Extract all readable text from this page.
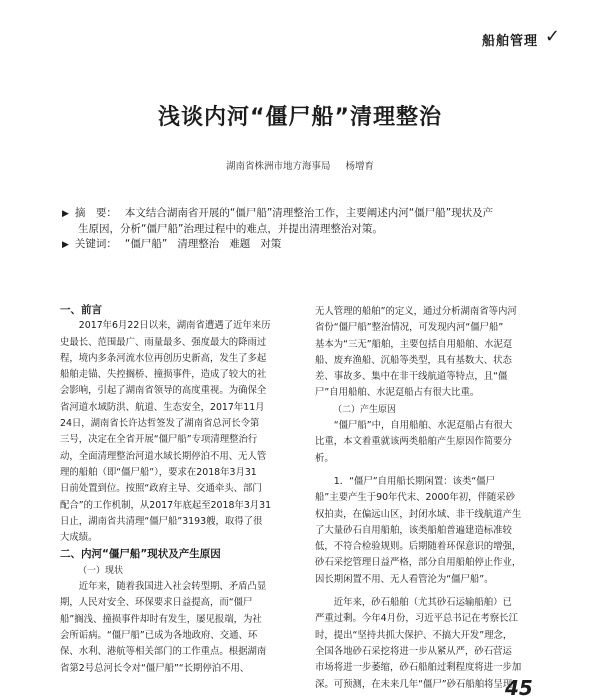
船舶管理 ✓
浅谈内河“僵尸船”清理整治
湖南省株洲市地方海事局 杨增育

▶ 摘　要： 本文结合湖南省开展的“僵尸船”清理整治工作，主要阐述内河“僵尸船”现状及产

生原因，分析“僵尸船”治理过程中的难点，并提出清理整治对策。

▶ 关键词： “僵尸船” 清理整治 难题 对策

一、前言

2017年6月22日以来，湖南省遭遇了近年来历

史最长、范围最广、雨量最多、强度最大的降雨过

程，境内多条河流水位再创历史新高，发生了多起

船舶走锚、失控搁桥、撞损事件，造成了较大的社

会影响，引起了湖南省领导的高度重视。为确保全

省河道水域防洪、航道、生态安全，2017年11月

24日，湖南省长许达哲签发了湖南省总河长令第

三号，决定在全省开展“僵尸船”专项清理整治行

动，全面清理整治河道水域长期停泊不用、无人管

理的船舶（即“僵尸船”），要求在2018年3月31

日前处置到位。按照“政府主导、交通牵头、部门

配合”的工作机制，从2017年底起至2018年3月31

日止，湖南省共清理“僵尸船”3193艘，取得了很

大成绩。

二、内河“僵尸船”现状及产生原因

（一）现状

近年来，随着我国进入社会转型期、矛盾凸显

期，人民对安全、环保要求日益提高，而“僵尸

船”搁浅、撞损事件却时有发生，屡见报端，为社

会所诟病。“僵尸船”已成为各地政府、交通、环

保、水利、港航等相关部门的工作重点。根据湖南

省第2号总河长令对“僵尸船”“长期停泊不用、

无人管理的船舶”的定义，通过分析湖南省等内河

省份“僵尸船”整治情况，可发现内河“僵尸船”

基本为“三无”船舶，主要包括自用船舶、水泥趸

船、废弃渔船、沉船等类型，具有基数大、状态

差、事故多、集中在非干线航道等特点，且“僵

尸”自用船舶、水泥趸船占有很大比重。

（二）产生原因

“僵尸船”中，自用船舶、水泥趸船占有很大

比重，本文着重就该两类船舶产生原因作简要分

析。

1．“僵尸”自用船长期闲置：该类“僵尸

船”主要产生于90年代末、2000年初，伴随采砂

权拍卖，在偏远山区，封闭水域、非干线航道产生

了大量砂石自用船舶，该类船舶普遍建造标准较

低，不符合检验规则。后期随着环保意识的增强，

砂石采挖管理日益严格，部分自用船舶停止作业，

因长期闲置不用、无人看管沦为“僵尸船”。

近年来，砂石船舶（尤其砂石运输船舶）已

严重过剩。今年4月份，习近平总书记在考察长江

时，提出“坚持共抓大保护、不搞大开发”理念，

全国各地砂石采挖将进一步从紧从严，砂石营运

市场将进一步萎缩，砂石船舶过剩程度将进一步加

深。可预测，在未来几年“僵尸”砂石船舶将呈现

45
